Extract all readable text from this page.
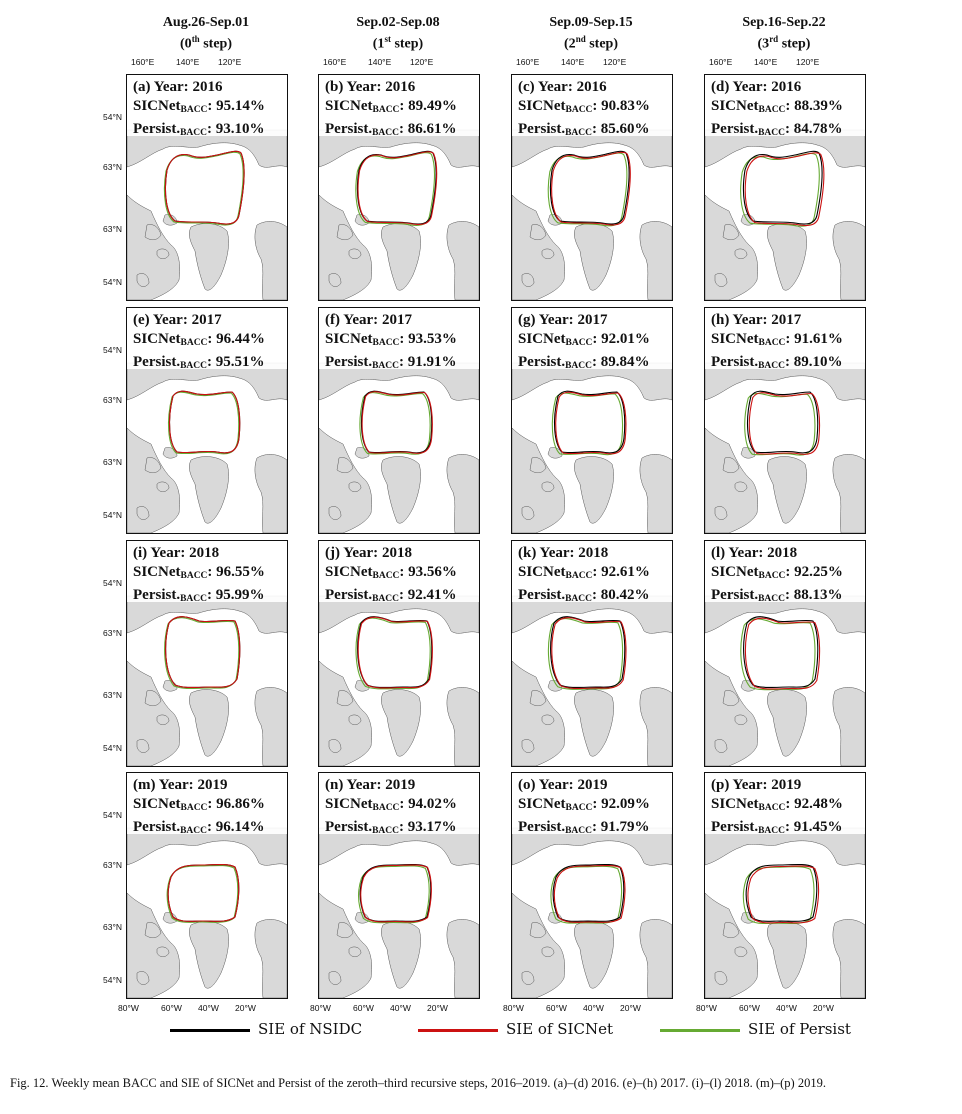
Aug.26-Sep.01
(0th step)
160°E	140°E 120°E
80°W	60°W 40°W 20°W
Sep.02-Sep.08
(1st step)
160°E	140°E 120°E
80°W	60°W 40°W 20°W
Sep.09-Sep.15
(2nd step)
160°E	140°E 120°E
80°W	60°W 40°W 20°W
Sep.16-Sep.22
(3rd step)
160°E	140°E 120°E
80°W	60°W 40°W 20°W
54°N
63°N
63°N
54°N
(a) Year: 2016
SICNet$_{BACC}$: 95.14%
$Persist._{BACC}$: 93.10%
(b) Year: 2016
SICNet$_{BACC}$: 89.49%
$Persist._{BACC}$: 86.61%
(c) Year: 2016
SICNet$_{BACC}$: 90.83%
$Persist._{BACC}$: 85.60%
(d) Year: 2016
SICNet$_{BACC}$: 88.39%
$Persist._{BACC}$: 84.78%
54°N
63°N
63°N
54°N
(e) Year: 2017
SICNet$_{BACC}$: 96.44%
$Persist._{BACC}$: 95.51%
(f) Year: 2017
SICNet$_{BACC}$: 93.53%
$Persist._{BACC}$: 91.91%
(g) Year: 2017
SICNet$_{BACC}$: 92.01%
$Persist._{BACC}$: 89.84%
(h) Year: 2017
SICNet$_{BACC}$: 91.61%
$Persist._{BACC}$: 89.10%
54°N
63°N
63°N
54°N
(i) Year: 2018
SICNet$_{BACC}$: 96.55%
$Persist._{BACC}$: 95.99%
(j) Year: 2018
SICNet$_{BACC}$: 93.56%
$Persist._{BACC}$: 92.41%
(k) Year: 2018
SICNet$_{BACC}$: 92.61%
$Persist._{BACC}$: 80.42%
(l) Year: 2018
SICNet$_{BACC}$: 92.25%
$Persist._{BACC}$: 88.13%
54°N
63°N
63°N
54°N
(m) Year: 2019
SICNet$_{BACC}$: 96.86%
$Persist._{BACC}$: 96.14%
(n) Year: 2019
SICNet$_{BACC}$: 94.02%
$Persist._{BACC}$: 93.17%
(o) Year: 2019
SICNet$_{BACC}$: 92.09%
$Persist._{BACC}$: 91.79%
(p) Year: 2019
SICNet$_{BACC}$: 92.48%
$Persist._{BACC}$: 91.45%
SIE of NSIDC	SIE of SICNet	SIE of Persist
Fig. 12. Weekly mean BACC and SIE of SICNet and Persist of the zeroth–third recursive steps, 2016–2019. (a)–(d) 2016. (e)–(h) 2017. (i)–(l) 2018. (m)–(p) 2019.
